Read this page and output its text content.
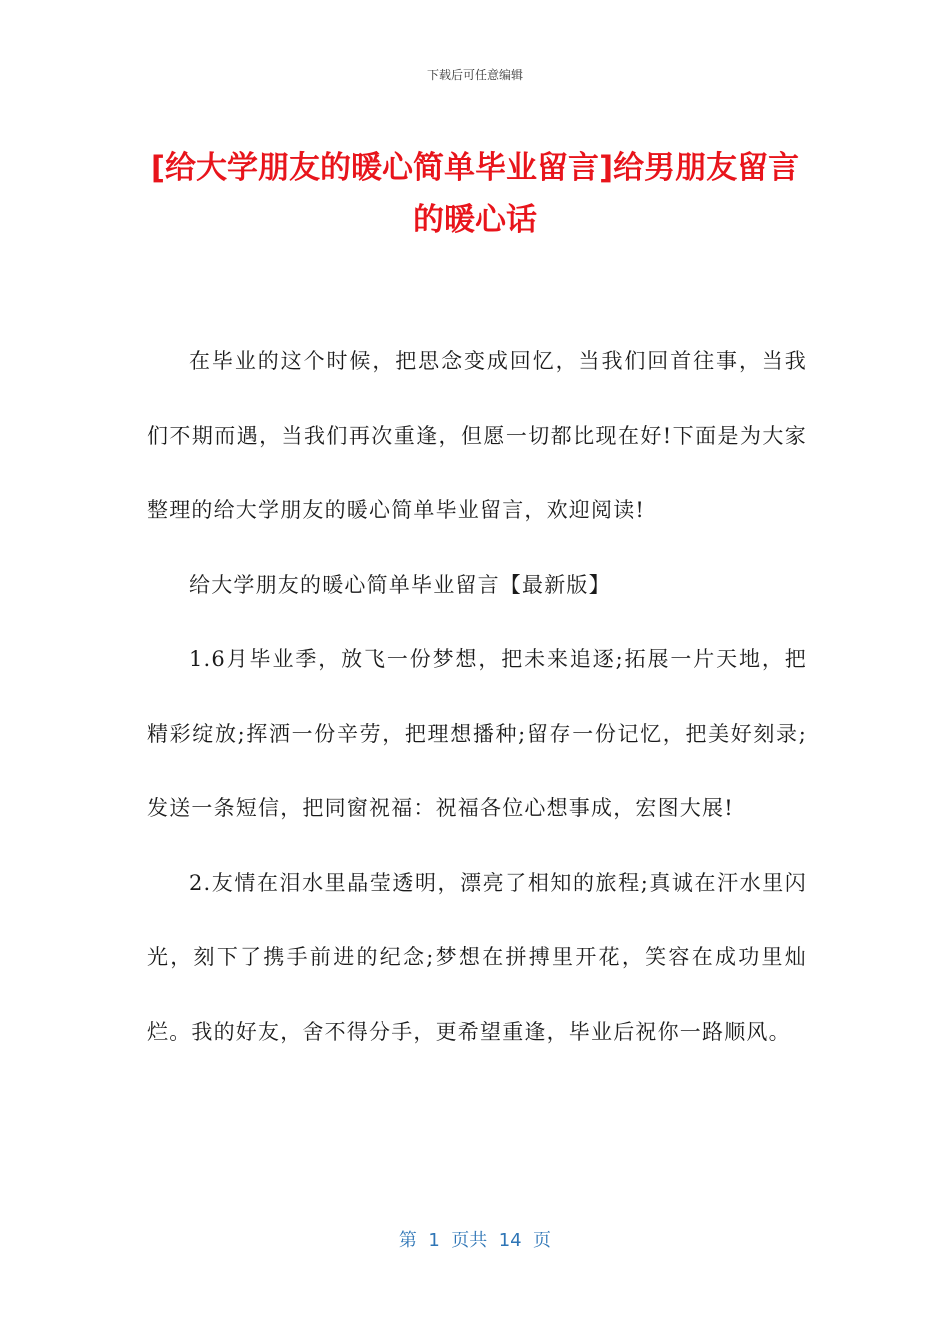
下载后可任意编辑
[给大学朋友的暖心简单毕业留言]给男朋友留言的暖心话

在毕业的这个时候，把思念变成回忆，当我们回首往事，当我们不期而遇，当我们再次重逢，但愿一切都比现在好!下面是为大家整理的给大学朋友的暖心简单毕业留言，欢迎阅读!

给大学朋友的暖心简单毕业留言【最新版】

1.6月毕业季，放飞一份梦想，把未来追逐;拓展一片天地，把精彩绽放;挥洒一份辛劳，把理想播种;留存一份记忆，把美好刻录;发送一条短信，把同窗祝福：祝福各位心想事成，宏图大展!

2.友情在泪水里晶莹透明，漂亮了相知的旅程;真诚在汗水里闪光，刻下了携手前进的纪念;梦想在拼搏里开花，笑容在成功里灿烂。我的好友，舍不得分手，更希望重逢，毕业后祝你一路顺风。

第  1  页共  14  页
